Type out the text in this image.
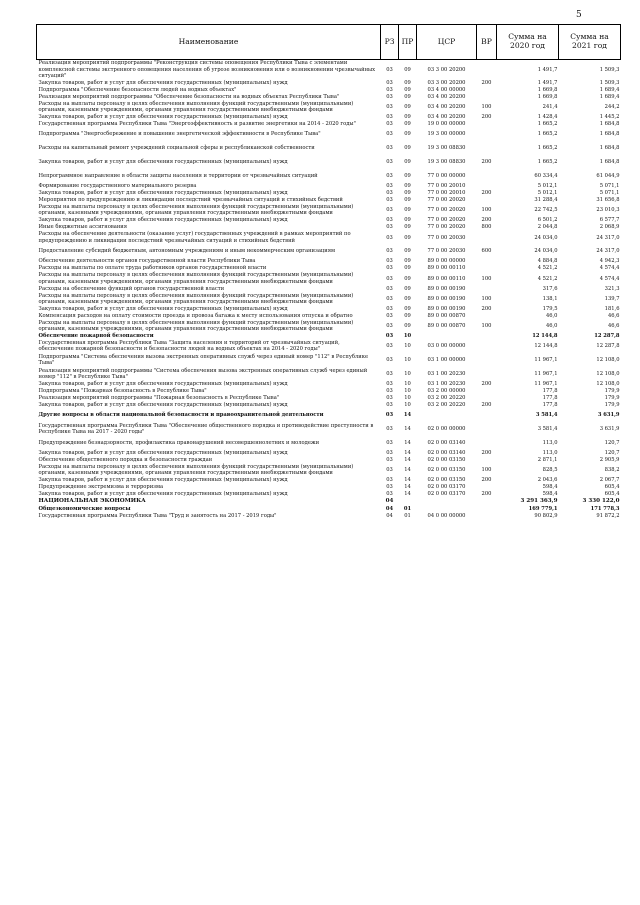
5
Наименование	РЗ	ПР	ЦСР	ВР	Сумма на 2020 год	Сумма на 2021 год
Реализация мероприятий подпрограммы "Реконструкция системы оповещения Республики Тыва с элементами комплексной системы экстренного оповещения населения об угрозе возникновения или о возникновении чрезвычайных ситуаций"	03	09	03 3 00 20200		1 491,7	1 509,3
Закупка товаров, работ и услуг для обеспечения государственных (муниципальных) нужд	03	09	03 3 00 20200	200	1 491,7	1 509,3
Подпрограмма "Обеспечение безопасности людей на водных объектах"	03	09	03 4 00 00000		1 669,8	1 689,4
Реализация мероприятий подпрограммы "Обеспечение безопасности на водных объектах Республики Тыва"	03	09	03 4 00 20200		1 669,8	1 689,4
Расходы на выплаты персоналу в целях обеспечения выполнения функций государственными (муниципальными) органами, казенными учреждениями, органами управления государственными внебюджетными фондами	03	09	03 4 00 20200	100	241,4	244,2
Закупка товаров, работ и услуг для обеспечения государственных (муниципальных) нужд	03	09	03 4 00 20200	200	1 428,4	1 445,2
Государственная программа Республики Тыва "Энергоэффективность и развитие энергетики на 2014 - 2020 годы"	03	09	19 0 00 00000		1 665,2	1 684,8
Подпрограмма "Энергосбережение и повышение энергетической эффективности в Республике Тыва"	03	09	19 3 00 00000		1 665,2	1 684,8
Расходы на капитальный ремонт учреждений социальной сферы и республиканской собственности	03	09	19 3 00 08830		1 665,2	1 684,8
Закупка товаров, работ и услуг для обеспечения государственных (муниципальных) нужд	03	09	19 3 00 08830	200	1 665,2	1 684,8
Непрограммное направление в области защиты населения и территории от чрезвычайных ситуаций	03	09	77 0 00 00000		60 334,4	61 044,9
Формирование государственного материального резерва	03	09	77 0 00 20010		5 012,1	5 071,1
Закупка товаров, работ и услуг для обеспечения государственных (муниципальных) нужд	03	09	77 0 00 20010	200	5 012,1	5 071,1
Мероприятия по предупреждению и ликвидации последствий чрезвычайных ситуаций и стихийных бедствий	03	09	77 0 00 20020		31 288,4	31 656,8
Расходы на выплаты персоналу в целях обеспечения выполнения функций государственными (муниципальными) органами, казенными учреждениями, органами управления государственными внебюджетными фондами	03	09	77 0 00 20020	100	22 742,5	23 010,3
Закупка товаров, работ и услуг для обеспечения государственных (муниципальных) нужд	03	09	77 0 00 20020	200	6 501,2	6 577,7
Иные бюджетные ассигнования	03	09	77 0 00 20020	800	2 044,8	2 068,9
Расходы на обеспечение деятельности (оказание услуг) государственных учреждений в рамках мероприятий по предупреждению и ликвидации последствий чрезвычайных ситуаций и стихийных бедствий	03	09	77 0 00 20030		24 034,0	24 317,0
Предоставление субсидий бюджетным, автономным учреждениям и иным некоммерческим организациям	03	09	77 0 00 20030	600	24 034,0	24 317,0
Обеспечение деятельности органов государственной власти Республики Тыва	03	09	89 0 00 00000		4 884,8	4 942,3
Расходы на выплаты по оплате труда работников органов государственной власти	03	09	89 0 00 00110		4 521,2	4 574,4
Расходы на выплаты персоналу в целях обеспечения выполнения функций государственными (муниципальными) органами, казенными учреждениями, органами управления государственными внебюджетными фондами	03	09	89 0 00 00110	100	4 521,2	4 574,4
Расходы на обеспечение функций органов государственной власти	03	09	89 0 00 00190		317,6	321,3
Расходы на выплаты персоналу в целях обеспечения выполнения функций государственными (муниципальными) органами, казенными учреждениями, органами управления государственными внебюджетными фондами	03	09	89 0 00 00190	100	138,1	139,7
Закупка товаров, работ и услуг для обеспечения государственных (муниципальных) нужд	03	09	89 0 00 00190	200	179,5	181,6
Компенсация расходов на оплату стоимости проезда и провоза багажа к месту использования отпуска и обратно	03	09	89 0 00 00870		46,0	46,6
Расходы на выплаты персоналу в целях обеспечения выполнения функций государственными (муниципальными) органами, казенными учреждениями, органами управления государственными внебюджетными фондами	03	09	89 0 00 00870	100	46,0	46,6
Обеспечение пожарной безопасности	03	10			12 144,8	12 287,8
Государственная программа Республики Тыва "Защита населения и территорий от чрезвычайных ситуаций, обеспечение пожарной безопасности и безопасности людей на водных объектах на 2014 - 2020 годы"	03	10	03 0 00 00000		12 144,8	12 287,8
Подпрограмма "Система обеспечения вызова экстренных оперативных служб через единый номер "112" в Республике Тыва"	03	10	03 1 00 00000		11 967,1	12 108,0
Реализация мероприятий подпрограммы "Система обеспечения вызова экстренных оперативных служб через единый номер "112" в Республике Тыва"	03	10	03 1 00 20230		11 967,1	12 108,0
Закупка товаров, работ и услуг для обеспечения государственных (муниципальных) нужд	03	10	03 1 00 20230	200	11 967,1	12 108,0
Подпрограмма "Пожарная безопасность в Республике Тыва"	03	10	03 2 00 00000		177,8	179,9
Реализация мероприятий подпрограммы "Пожарная безопасность в Республике Тыва"	03	10	03 2 00 20220		177,8	179,9
Закупка товаров, работ и услуг для обеспечения государственных (муниципальных) нужд	03	10	03 2 00 20220	200	177,8	179,9
Другие вопросы в области национальной безопасности и правоохранительной деятельности	03	14			3 581,4	3 631,9
Государственная программа Республики Тыва "Обеспечение общественного порядка и противодействие преступности в Республике Тыва на 2017 - 2020 годы"	03	14	02 0 00 00000		3 581,4	3 631,9
Предупреждение безнадзорности, профилактика правонарушений несовершеннолетних и молодежи	03	14	02 0 00 03140		113,0	120,7
Закупка товаров, работ и услуг для обеспечения государственных (муниципальных) нужд	03	14	02 0 00 03140	200	113,0	120,7
Обеспечение общественного порядка и безопасности граждан	03	14	02 0 00 03150		2 871,1	2 905,9
Расходы на выплаты персоналу в целях обеспечения выполнения функций государственными (муниципальными) органами, казенными учреждениями, органами управления государственными внебюджетными фондами	03	14	02 0 00 03150	100	828,5	838,2
Закупка товаров, работ и услуг для обеспечения государственных (муниципальных) нужд	03	14	02 0 00 03150	200	2 043,6	2 067,7
Предупреждение экстремизма и терроризма	03	14	02 0 00 03170		598,4	605,4
Закупка товаров, работ и услуг для обеспечения государственных (муниципальных) нужд	03	14	02 0 00 03170	200	598,4	605,4
НАЦИОНАЛЬНАЯ ЭКОНОМИКА	04				3 291 363,9	3 330 122,0
Общеэкономические вопросы	04	01			169 779,1	171 778,3
Государственная программа Республики Тыва "Труд и занятость на 2017 - 2019 годы"	04	01	04 0 00 00000		90 802,9	91 872,2
